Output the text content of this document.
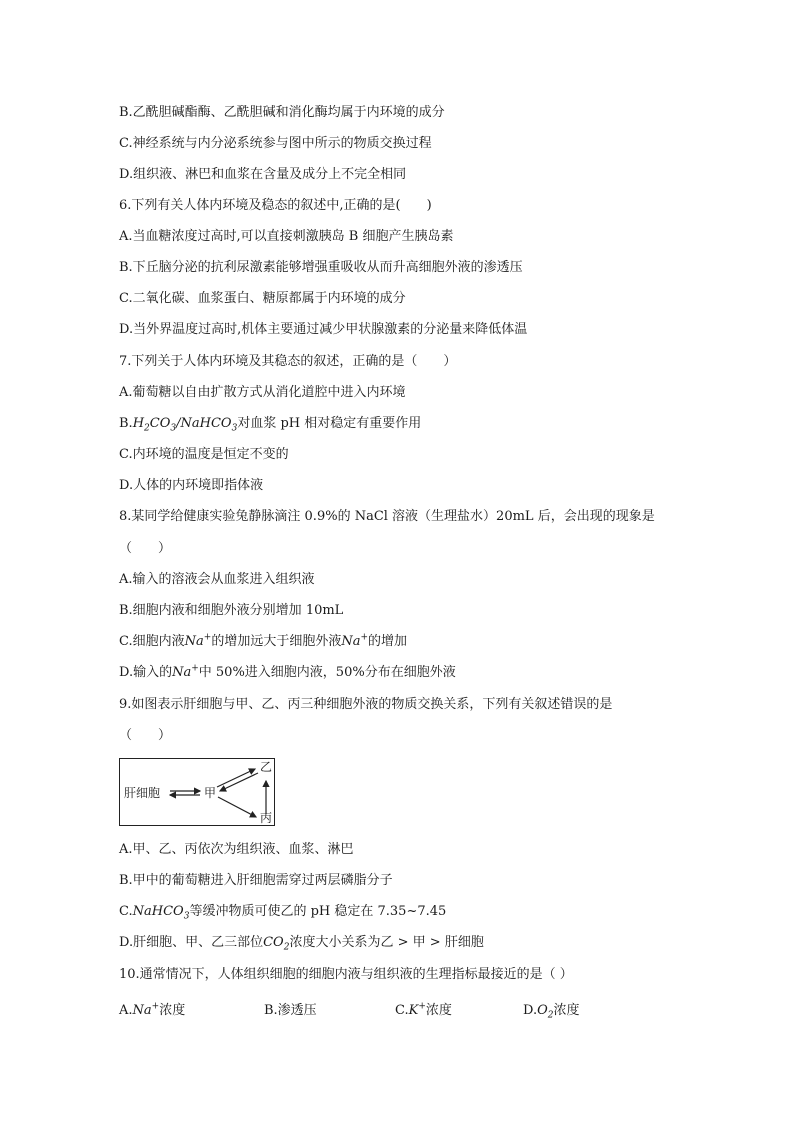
B.乙酰胆碱酯酶、乙酰胆碱和消化酶均属于内环境的成分
C.神经系统与内分泌系统参与图中所示的物质交换过程
D.组织液、淋巴和血浆在含量及成分上不完全相同
6.下列有关人体内环境及稳态的叙述中,正确的是(　　)
A.当血糖浓度过高时,可以直接刺激胰岛 B 细胞产生胰岛素
B.下丘脑分泌的抗利尿激素能够增强重吸收从而升高细胞外液的渗透压
C.二氧化碳、血浆蛋白、糖原都属于内环境的成分
D.当外界温度过高时,机体主要通过减少甲状腺激素的分泌量来降低体温
7.下列关于人体内环境及其稳态的叙述，正确的是（　　）
A.葡萄糖以自由扩散方式从消化道腔中进入内环境
$B.H_2CO_3/NaHCO_3$对血浆 pH 相对稳定有重要作用
C.内环境的温度是恒定不变的
D.人体的内环境即指体液
8.某同学给健康实验兔静脉滴注 0.9%的 NaCl 溶液（生理盐水）20mL 后，会出现的现象是
（　　）
A.输入的溶液会从血浆进入组织液
B.细胞内液和细胞外液分别增加 10mL
C.细胞内液Na+的增加远大于细胞外液Na+的增加
D.输入的Na+中 50%进入细胞内液，50%分布在细胞外液
9.如图表示肝细胞与甲、乙、丙三种细胞外液的物质交换关系，下列有关叙述错误的是
（　　）
肝细胞	甲
乙
丙
A.甲、乙、丙依次为组织液、血浆、淋巴
B.甲中的葡萄糖进入肝细胞需穿过两层磷脂分子
C.NaHCO$_3$等缓冲物质可使乙的 pH 稳定在 7.35~7.45
D.肝细胞、甲、乙三部位$CO_2$浓度大小关系为乙 > 甲 > 肝细胞
10.通常情况下，人体组织细胞的细胞内液与组织液的生理指标最接近的是（ ）
A.Na+浓度	B.渗透压	C.K+浓度	$D.O_2$浓度
